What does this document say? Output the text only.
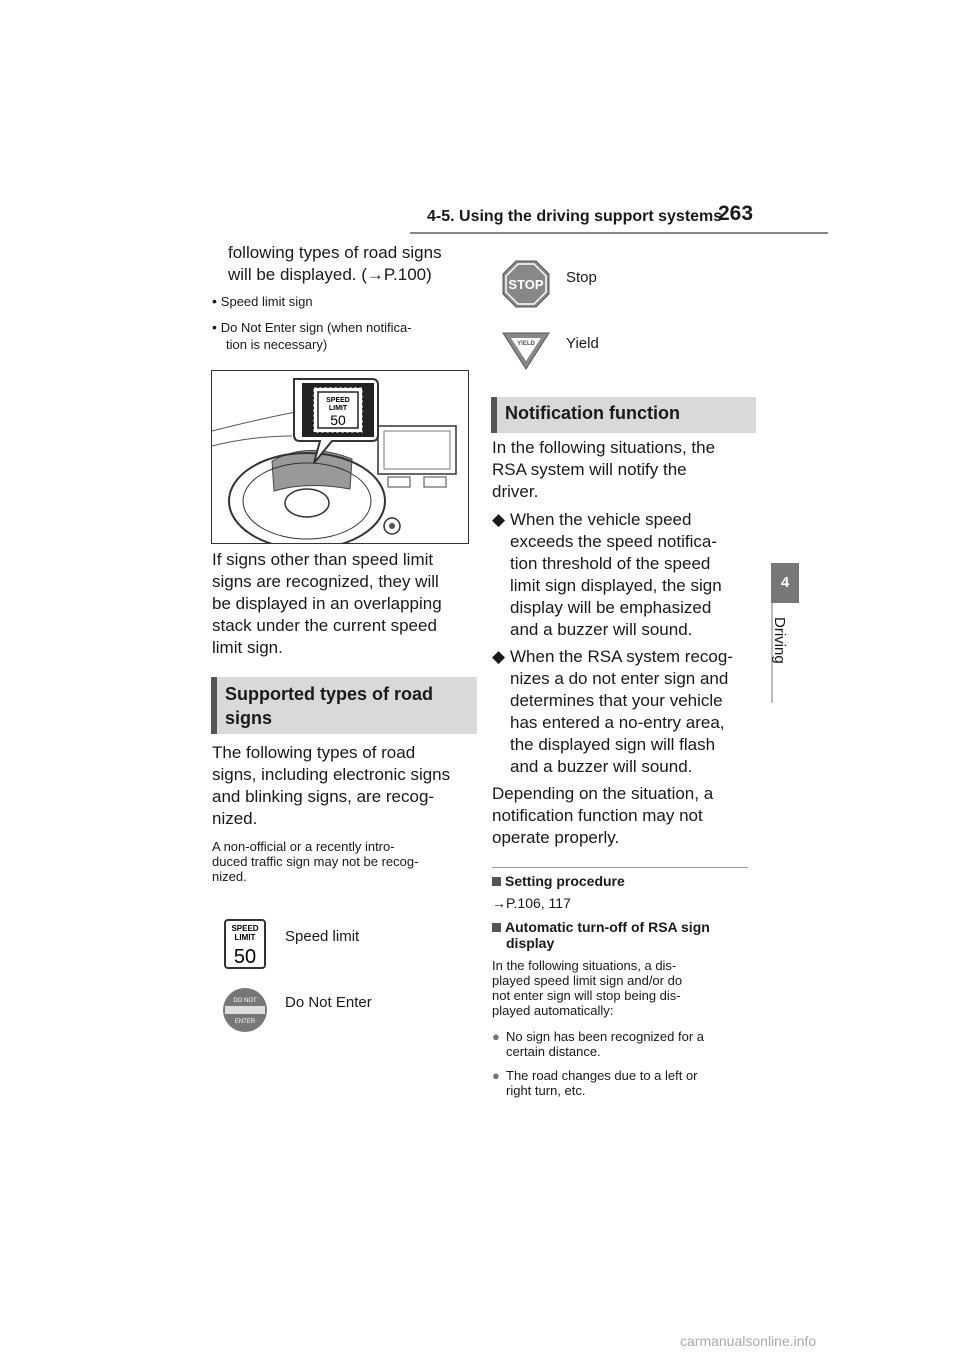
4-5. Using the driving support systems
263
4
Driving
following types of road signs
will be displayed. (→P.100)
• Speed limit sign
• Do Not Enter sign (when notifica-
tion is necessary)
SPEED
LIMIT
50
If signs other than speed limit
signs are recognized, they will
be displayed in an overlapping
stack under the current speed
limit sign.
Supported types of road
signs
The following types of road
signs, including electronic signs
and blinking signs, are recog-
nized.
A non-official or a recently intro-
duced traffic sign may not be recog-
nized.
SPEED
LIMIT
50
Speed limit
DO NOT
ENTER
Do Not Enter
STOP Stop
YIELD Yield
Notification function
In the following situations, the
RSA system will notify the
driver.
◆ When the vehicle speed
exceeds the speed notifica-
tion threshold of the speed
limit sign displayed, the sign
display will be emphasized
and a buzzer will sound.
◆ When the RSA system recog-
nizes a do not enter sign and
determines that your vehicle
has entered a no-entry area,
the displayed sign will flash
and a buzzer will sound.
Depending on the situation, a
notification function may not
operate properly.
Setting procedure
→P.106, 117
Automatic turn-off of RSA sign
display
In the following situations, a dis-
played speed limit sign and/or do
not enter sign will stop being dis-
played automatically:
● No sign has been recognized for a
certain distance.
● The road changes due to a left or
right turn, etc.
carmanualsonline.info
